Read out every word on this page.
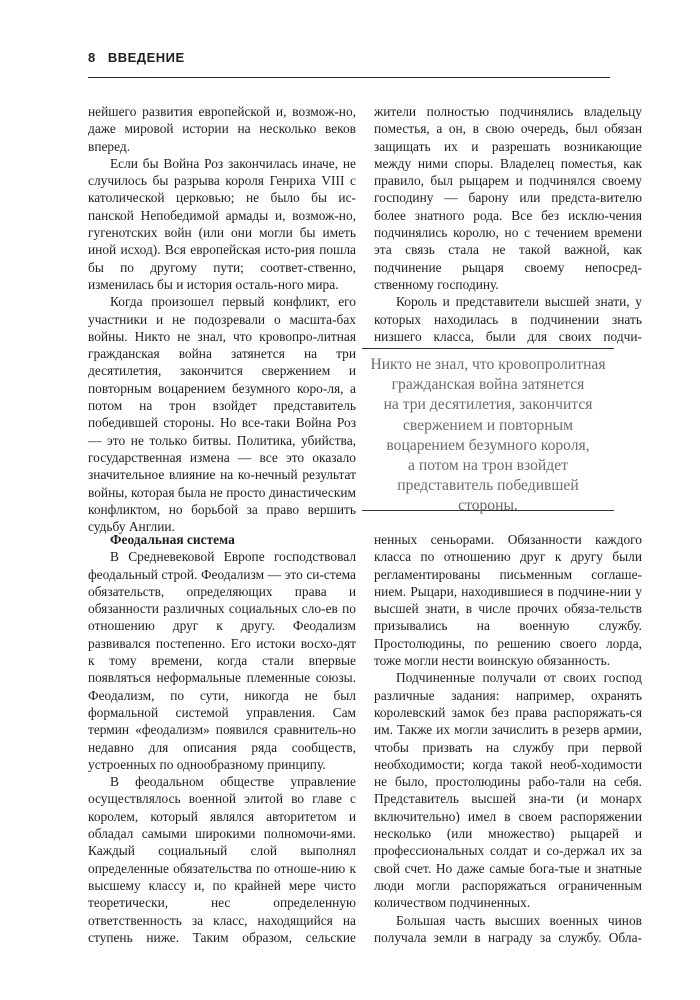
8 ВВЕДЕНИЕ

нейшего развития европейской и, возмож-но, даже мировой истории на несколько веков вперед.

Если бы Война Роз закончилась иначе, не случилось бы разрыва короля Генриха VIII с католической церковью; не было бы ис-панской Непобедимой армады и, возмож-но, гугенотских войн (или они могли бы иметь иной исход). Вся европейская исто-рия пошла бы по другому пути; соответ-ственно, изменилась бы и история осталь-ного мира.

Когда произошел первый конфликт, его участники и не подозревали о масшта-бах войны. Никто не знал, что кровопро-литная гражданская война затянется на три десятилетия, закончится свержением и повторным воцарением безумного коро-ля, а потом на трон взойдет представитель победившей стороны. Но все-таки Война Роз — это не только битвы. Политика, убийства, государственная измена — все это оказало значительное влияние на ко-нечный результат войны, которая была не просто династическим конфликтом, но борьбой за право вершить судьбу Англии.

Феодальная система

В Средневековой Европе господствовал феодальный строй. Феодализм — это си-стема обязательств, определяющих права и обязанности различных социальных сло-ев по отношению друг к другу. Феодализм развивался постепенно. Его истоки восхо-дят к тому времени, когда стали впервые появляться неформальные племенные союзы. Феодализм, по сути, никогда не был формальной системой управления. Сам термин «феодализм» появился сравнитель-но недавно для описания ряда сообществ, устроенных по однообразному принципу.

В феодальном обществе управление осуществлялось военной элитой во главе с королем, который являлся авторитетом и обладал самыми широкими полномочи-ями. Каждый социальный слой выполнял определенные обязательства по отноше-нию к высшему классу и, по крайней мере чисто теоретически, нес определенную ответственность за класс, находящийся на ступень ниже. Таким образом, сельские

жители полностью подчинялись владельцу поместья, а он, в свою очередь, был обязан защищать их и разрешать возникающие между ними споры. Владелец поместья, как правило, был рыцарем и подчинялся своему господину — барону или предста-вителю более знатного рода. Все без исклю-чения подчинялись королю, но с течением времени эта связь стала не такой важной, как подчинение рыцаря своему непосред-ственному господину.

Король и представители высшей знати, у которых находилась в подчинении знать низшего класса, были для своих подчи-

Никто не знал, что кровопролитная
гражданская война затянется
на три десятилетия, закончится
свержением и повторным
воцарением безумного короля,
а потом на трон взойдет
представитель победившей
стороны.

ненных сеньорами. Обязанности каждого класса по отношению друг к другу были регламентированы письменным соглаше-нием. Рыцари, находившиеся в подчине-нии у высшей знати, в числе прочих обяза-тельств призывались на военную службу. Простолюдины, по решению своего лорда, тоже могли нести воинскую обязанность.

Подчиненные получали от своих господ различные задания: например, охранять королевский замок без права распоряжать-ся им. Также их могли зачислить в резерв армии, чтобы призвать на службу при первой необходимости; когда такой необ-ходимости не было, простолюдины рабо-тали на себя. Представитель высшей зна-ти (и монарх включительно) имел в своем распоряжении несколько (или множество) рыцарей и профессиональных солдат и со-держал их за свой счет. Но даже самые бога-тые и знатные люди могли распоряжаться ограниченным количеством подчиненных.

Большая часть высших военных чинов получала земли в награду за службу. Обла-
